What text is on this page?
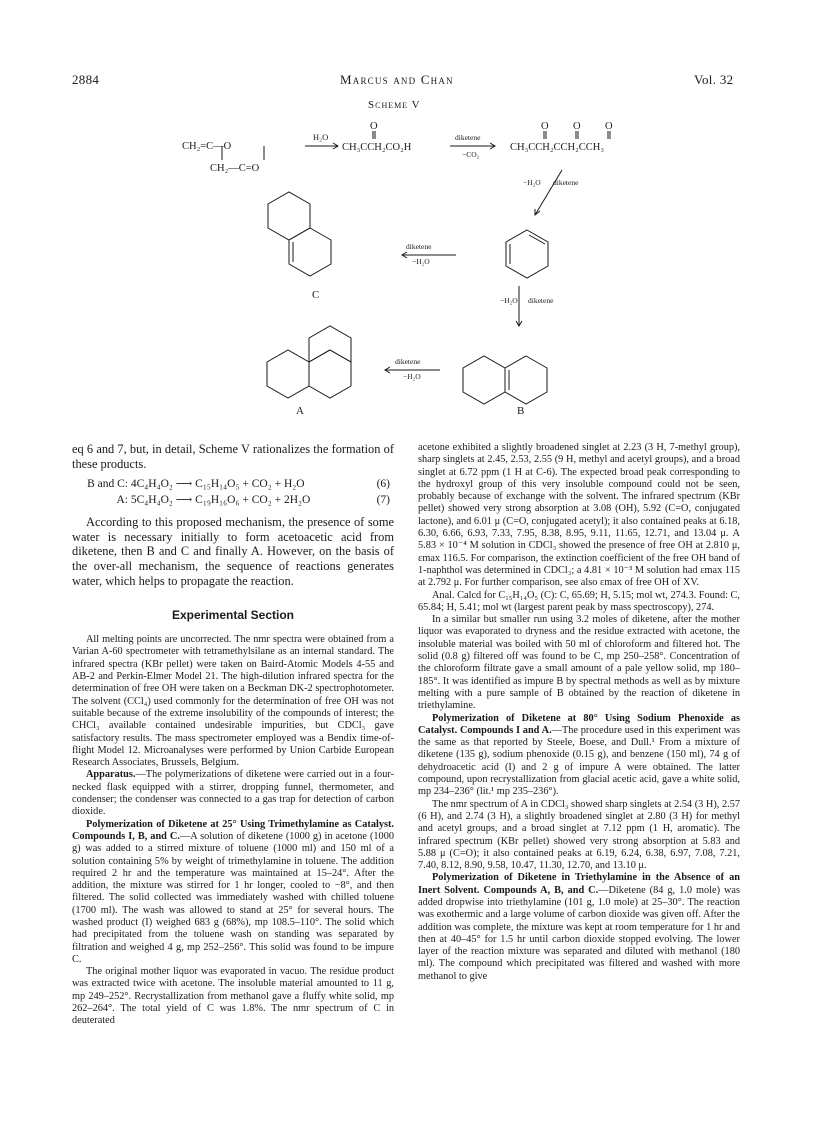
2884	Marcus and Chan	Vol. 32
Scheme V
CH₂=C—O
CH₂—C=O
H₂O
O
CH₃CCH₂CO₂H
diketene
−CO₂
O O O
CH₃CCH₂CCH₂CCH₃
−H₂O diketene
diketene
−H₂O
C	−H₂O diketene
diketene
−H₂O
A	B

eq 6 and 7, but, in detail, Scheme V rationalizes the formation of these products.

B and C: 4C₄H₄O₂ ⟶ C₁₅H₁₄O₅ + CO₂ + H₂O	(6)
A: 5C₄H₄O₂ ⟶ C₁₉H₁₆O₆ + CO₂ + 2H₂O	(7)

According to this proposed mechanism, the presence of some water is necessary initially to form acetoacetic acid from diketene, then B and C and finally A. However, on the basis of the over-all mechanism, the sequence of reactions generates water, which helps to propagate the reaction.

Experimental Section

All melting points are uncorrected. The nmr spectra were obtained from a Varian A-60 spectrometer with tetramethylsilane as an internal standard. The infrared spectra (KBr pellet) were taken on Baird-Atomic Models 4-55 and AB-2 and Perkin-Elmer Model 21. The high-dilution infrared spectra for the determination of free OH were taken on a Beckman DK-2 spectrophotometer. The solvent (CCl₄) used commonly for the determination of free OH was not suitable because of the extreme insolubility of the compounds of interest; the CHCl₃ available contained undesirable impurities, but CDCl₃ gave satisfactory results. The mass spectrometer employed was a Bendix time-of-flight Model 12. Microanalyses were performed by Union Carbide European Research Associates, Brussels, Belgium.

Apparatus.—The polymerizations of diketene were carried out in a four-necked flask equipped with a stirrer, dropping funnel, thermometer, and condenser; the condenser was connected to a gas trap for detection of carbon dioxide.

Polymerization of Diketene at 25° Using Trimethylamine as Catalyst. Compounds I, B, and C.—A solution of diketene (1000 g) in acetone (1000 g) was added to a stirred mixture of toluene (1000 ml) and 150 ml of a solution containing 5% by weight of trimethylamine in toluene. The addition required 2 hr and the temperature was maintained at 15–24°. After the addition, the mixture was stirred for 1 hr longer, cooled to −8°, and then filtered. The solid collected was immediately washed with chilled toluene (1700 ml). The wash was allowed to stand at 25° for several hours. The washed product (I) weighed 683 g (68%), mp 108.5–110°. The solid which had precipitated from the toluene wash on standing was separated by filtration and weighed 4 g, mp 252–256°. This solid was found to be impure C.

The original mother liquor was evaporated in vacuo. The residue product was extracted twice with acetone. The insoluble material amounted to 11 g, mp 249–252°. Recrystallization from methanol gave a fluffy white solid, mp 262–264°. The total yield of C was 1.8%. The nmr spectrum of C in deuterated

acetone exhibited a slightly broadened singlet at 2.23 (3 H, 7-methyl group), sharp singlets at 2.45, 2.53, 2.55 (9 H, methyl and acetyl groups), and a broad singlet at 6.72 ppm (1 H at C-6). The expected broad peak corresponding to the hydroxyl group of this very insoluble compound could not be seen, probably because of exchange with the solvent. The infrared spectrum (KBr pellet) showed very strong absorption at 3.08 (OH), 5.92 (C=O, conjugated lactone), and 6.01 μ (C=O, conjugated acetyl); it also contained peaks at 6.18, 6.30, 6.66, 6.93, 7.33, 7.95, 8.38, 8.95, 9.11, 11.65, 12.71, and 13.04 μ. A 5.83 × 10⁻⁴ M solution in CDCl₃ showed the presence of free OH at 2.810 μ, εmax 116.5. For comparison, the extinction coefficient of the free OH band of 1-naphthol was determined in CDCl₃; a 4.81 × 10⁻³ M solution had εmax 115 at 2.792 μ. For further comparison, see also εmax of free OH of XV.

Anal. Calcd for C₁₅H₁₄O₅ (C): C, 65.69; H, 5.15; mol wt, 274.3. Found: C, 65.84; H, 5.41; mol wt (largest parent peak by mass spectroscopy), 274.

In a similar but smaller run using 3.2 moles of diketene, after the mother liquor was evaporated to dryness and the residue extracted with acetone, the insoluble material was boiled with 50 ml of chloroform and filtered hot. The solid (0.8 g) filtered off was found to be C, mp 250–258°. Concentration of the chloroform filtrate gave a small amount of a pale yellow solid, mp 180–185°. It was identified as impure B by spectral methods as well as by mixture melting with a pure sample of B obtained by the reaction of diketene in triethylamine.

Polymerization of Diketene at 80° Using Sodium Phenoxide as Catalyst. Compounds I and A.—The procedure used in this experiment was the same as that reported by Steele, Boese, and Dull.¹ From a mixture of diketene (135 g), sodium phenoxide (0.15 g), and benzene (150 ml), 74 g of dehydroacetic acid (I) and 2 g of impure A were obtained. The latter compound, upon recrystallization from glacial acetic acid, gave a white solid, mp 234–236° (lit.¹ mp 235–236°).

The nmr spectrum of A in CDCl₃ showed sharp singlets at 2.54 (3 H), 2.57 (6 H), and 2.74 (3 H), a slightly broadened singlet at 2.80 (3 H) for methyl and acetyl groups, and a broad singlet at 7.12 ppm (1 H, aromatic). The infrared spectrum (KBr pellet) showed very strong absorption at 5.83 and 5.88 μ (C=O); it also contained peaks at 6.19, 6.24, 6.38, 6.97, 7.08, 7.21, 7.40, 8.12, 8.90, 9.58, 10.47, 11.30, 12.70, and 13.10 μ.

Polymerization of Diketene in Triethylamine in the Absence of an Inert Solvent. Compounds A, B, and C.—Diketene (84 g, 1.0 mole) was added dropwise into triethylamine (101 g, 1.0 mole) at 25–30°. The reaction was exothermic and a large volume of carbon dioxide was given off. After the addition was complete, the mixture was kept at room temperature for 1 hr and then at 40–45° for 1.5 hr until carbon dioxide stopped evolving. The lower layer of the reaction mixture was separated and diluted with methanol (180 ml). The compound which precipitated was filtered and washed with more methanol to give
